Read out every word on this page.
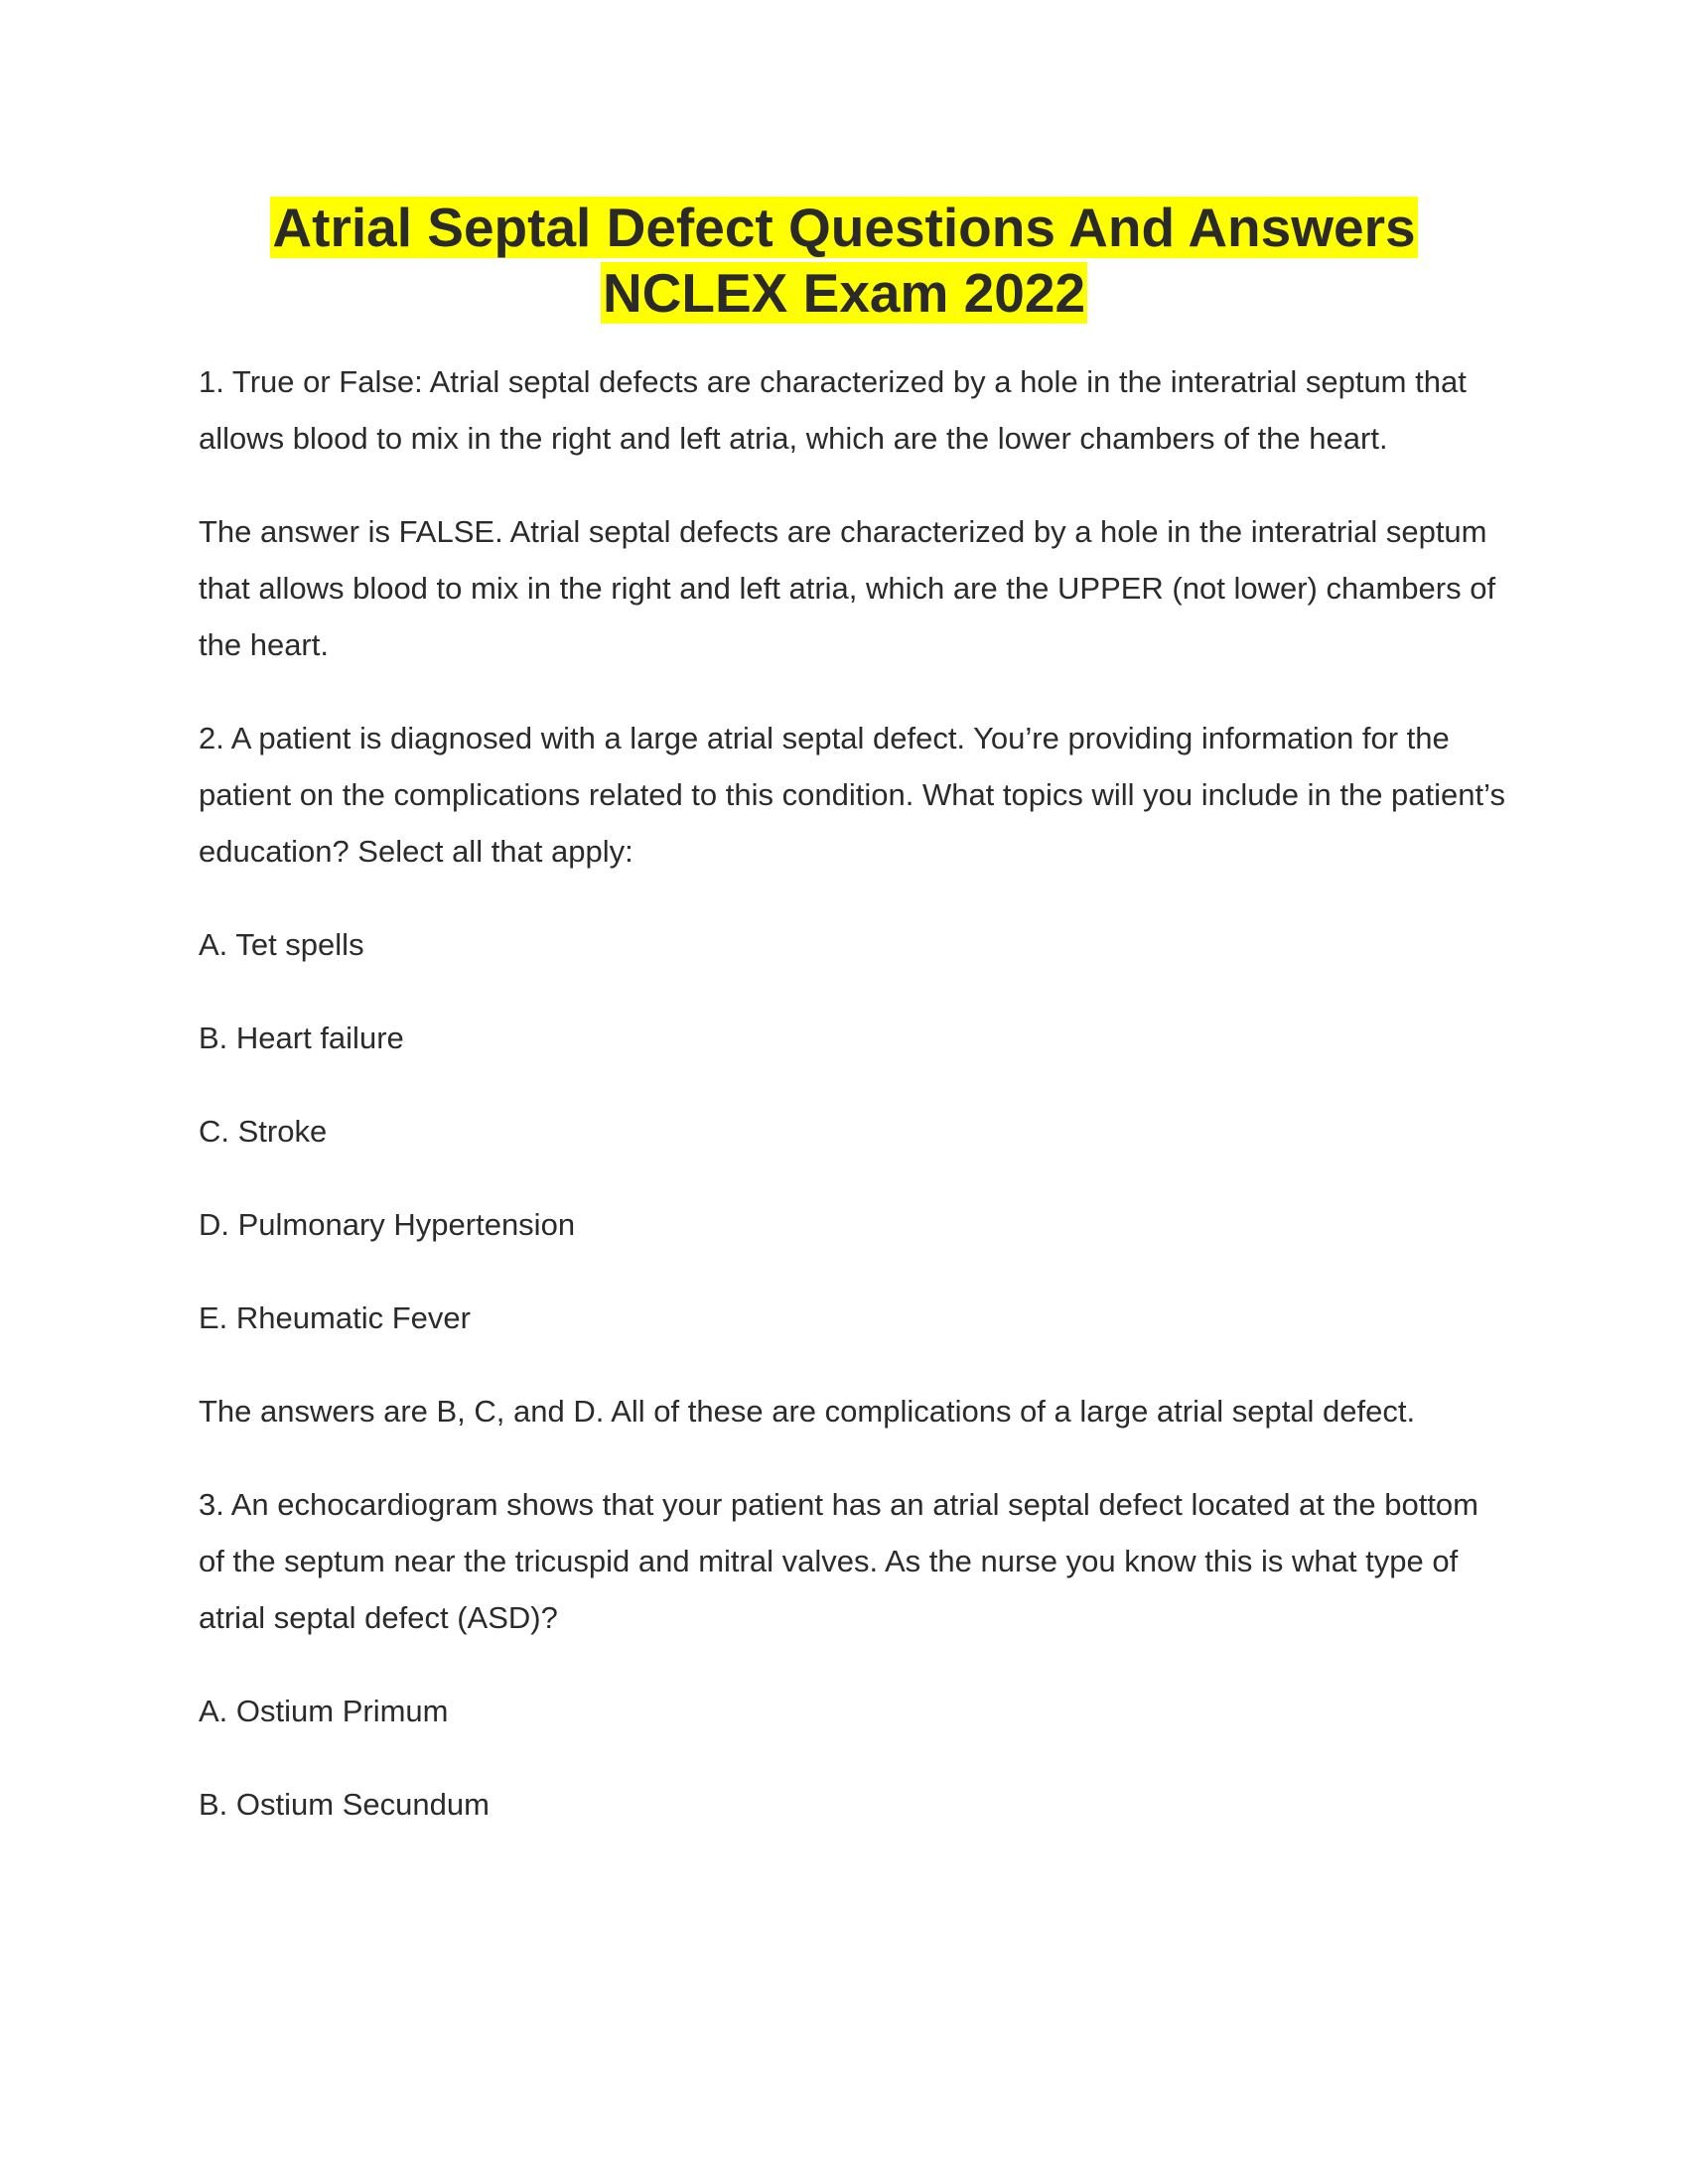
Atrial Septal Defect Questions And Answers
NCLEX Exam 2022

1. True or False: Atrial septal defects are characterized by a hole in the interatrial septum that allows blood to mix in the right and left atria, which are the lower chambers of the heart.

The answer is FALSE. Atrial septal defects are characterized by a hole in the interatrial septum that allows blood to mix in the right and left atria, which are the UPPER (not lower) chambers of the heart.

2. A patient is diagnosed with a large atrial septal defect. You’re providing information for the patient on the complications related to this condition. What topics will you include in the patient’s education? Select all that apply:

A. Tet spells

B. Heart failure

C. Stroke

D. Pulmonary Hypertension

E. Rheumatic Fever

The answers are B, C, and D. All of these are complications of a large atrial septal defect.

3. An echocardiogram shows that your patient has an atrial septal defect located at the bottom of the septum near the tricuspid and mitral valves. As the nurse you know this is what type of atrial septal defect (ASD)?

A. Ostium Primum

B. Ostium Secundum
